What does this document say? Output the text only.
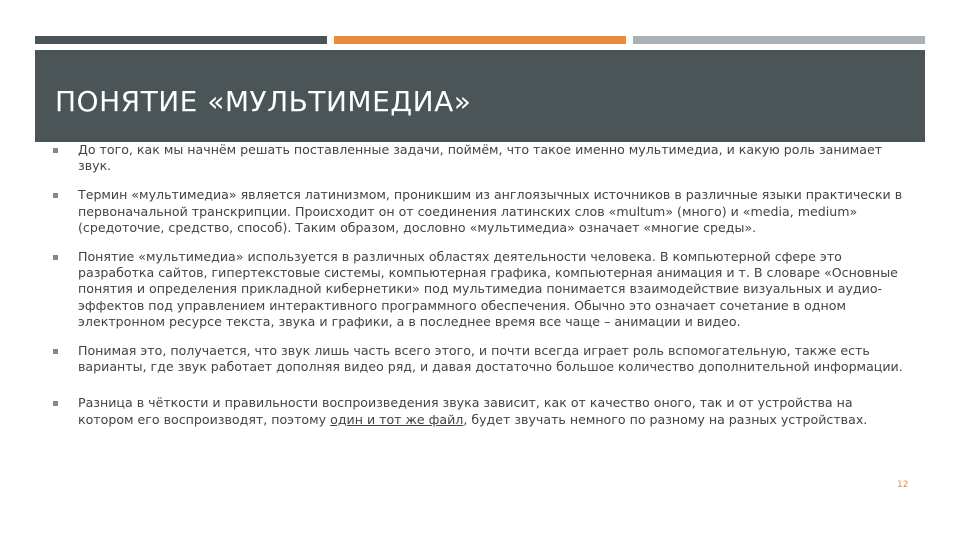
ПОНЯТИЕ «МУЛЬТИМЕДИА»
До того, как мы начнём решать поставленные задачи, поймём, что такое именно мультимедиа, и какую роль занимает звук.
Термин «мультимедиа» является латинизмом, проникшим из англоязычных источников в различные языки практически в первоначальной транскрипции. Происходит он от соединения латинских слов «multum» (много) и «media, medium» (средоточие, средство, способ). Таким образом, дословно «мультимедиа» означает «многие среды».
Понятие «мультимедиа» используется в различных областях деятельности человека. В компьютерной сфере это разработка сайтов, гипертекстовые системы, компьютерная графика, компьютерная анимация и т. В словаре «Основные понятия и определения прикладной кибернетики» под мультимедиа понимается взаимодействие визуальных и аудио-эффектов под управлением интерактивного программного обеспечения. Обычно это означает сочетание в одном электронном ресурсе текста, звука и графики, а в последнее время все чаще – анимации и видео.
Понимая это, получается, что звук лишь часть всего этого, и почти всегда играет роль вспомогательную, также есть варианты, где звук работает дополняя видео ряд, и давая достаточно большое количество дополнительной информации.
Разница в чёткости и правильности воспроизведения звука зависит, как от качество оного, так и от устройства на котором его воспроизводят, поэтому один и тот же файл, будет звучать немного по разному на разных устройствах.
12
